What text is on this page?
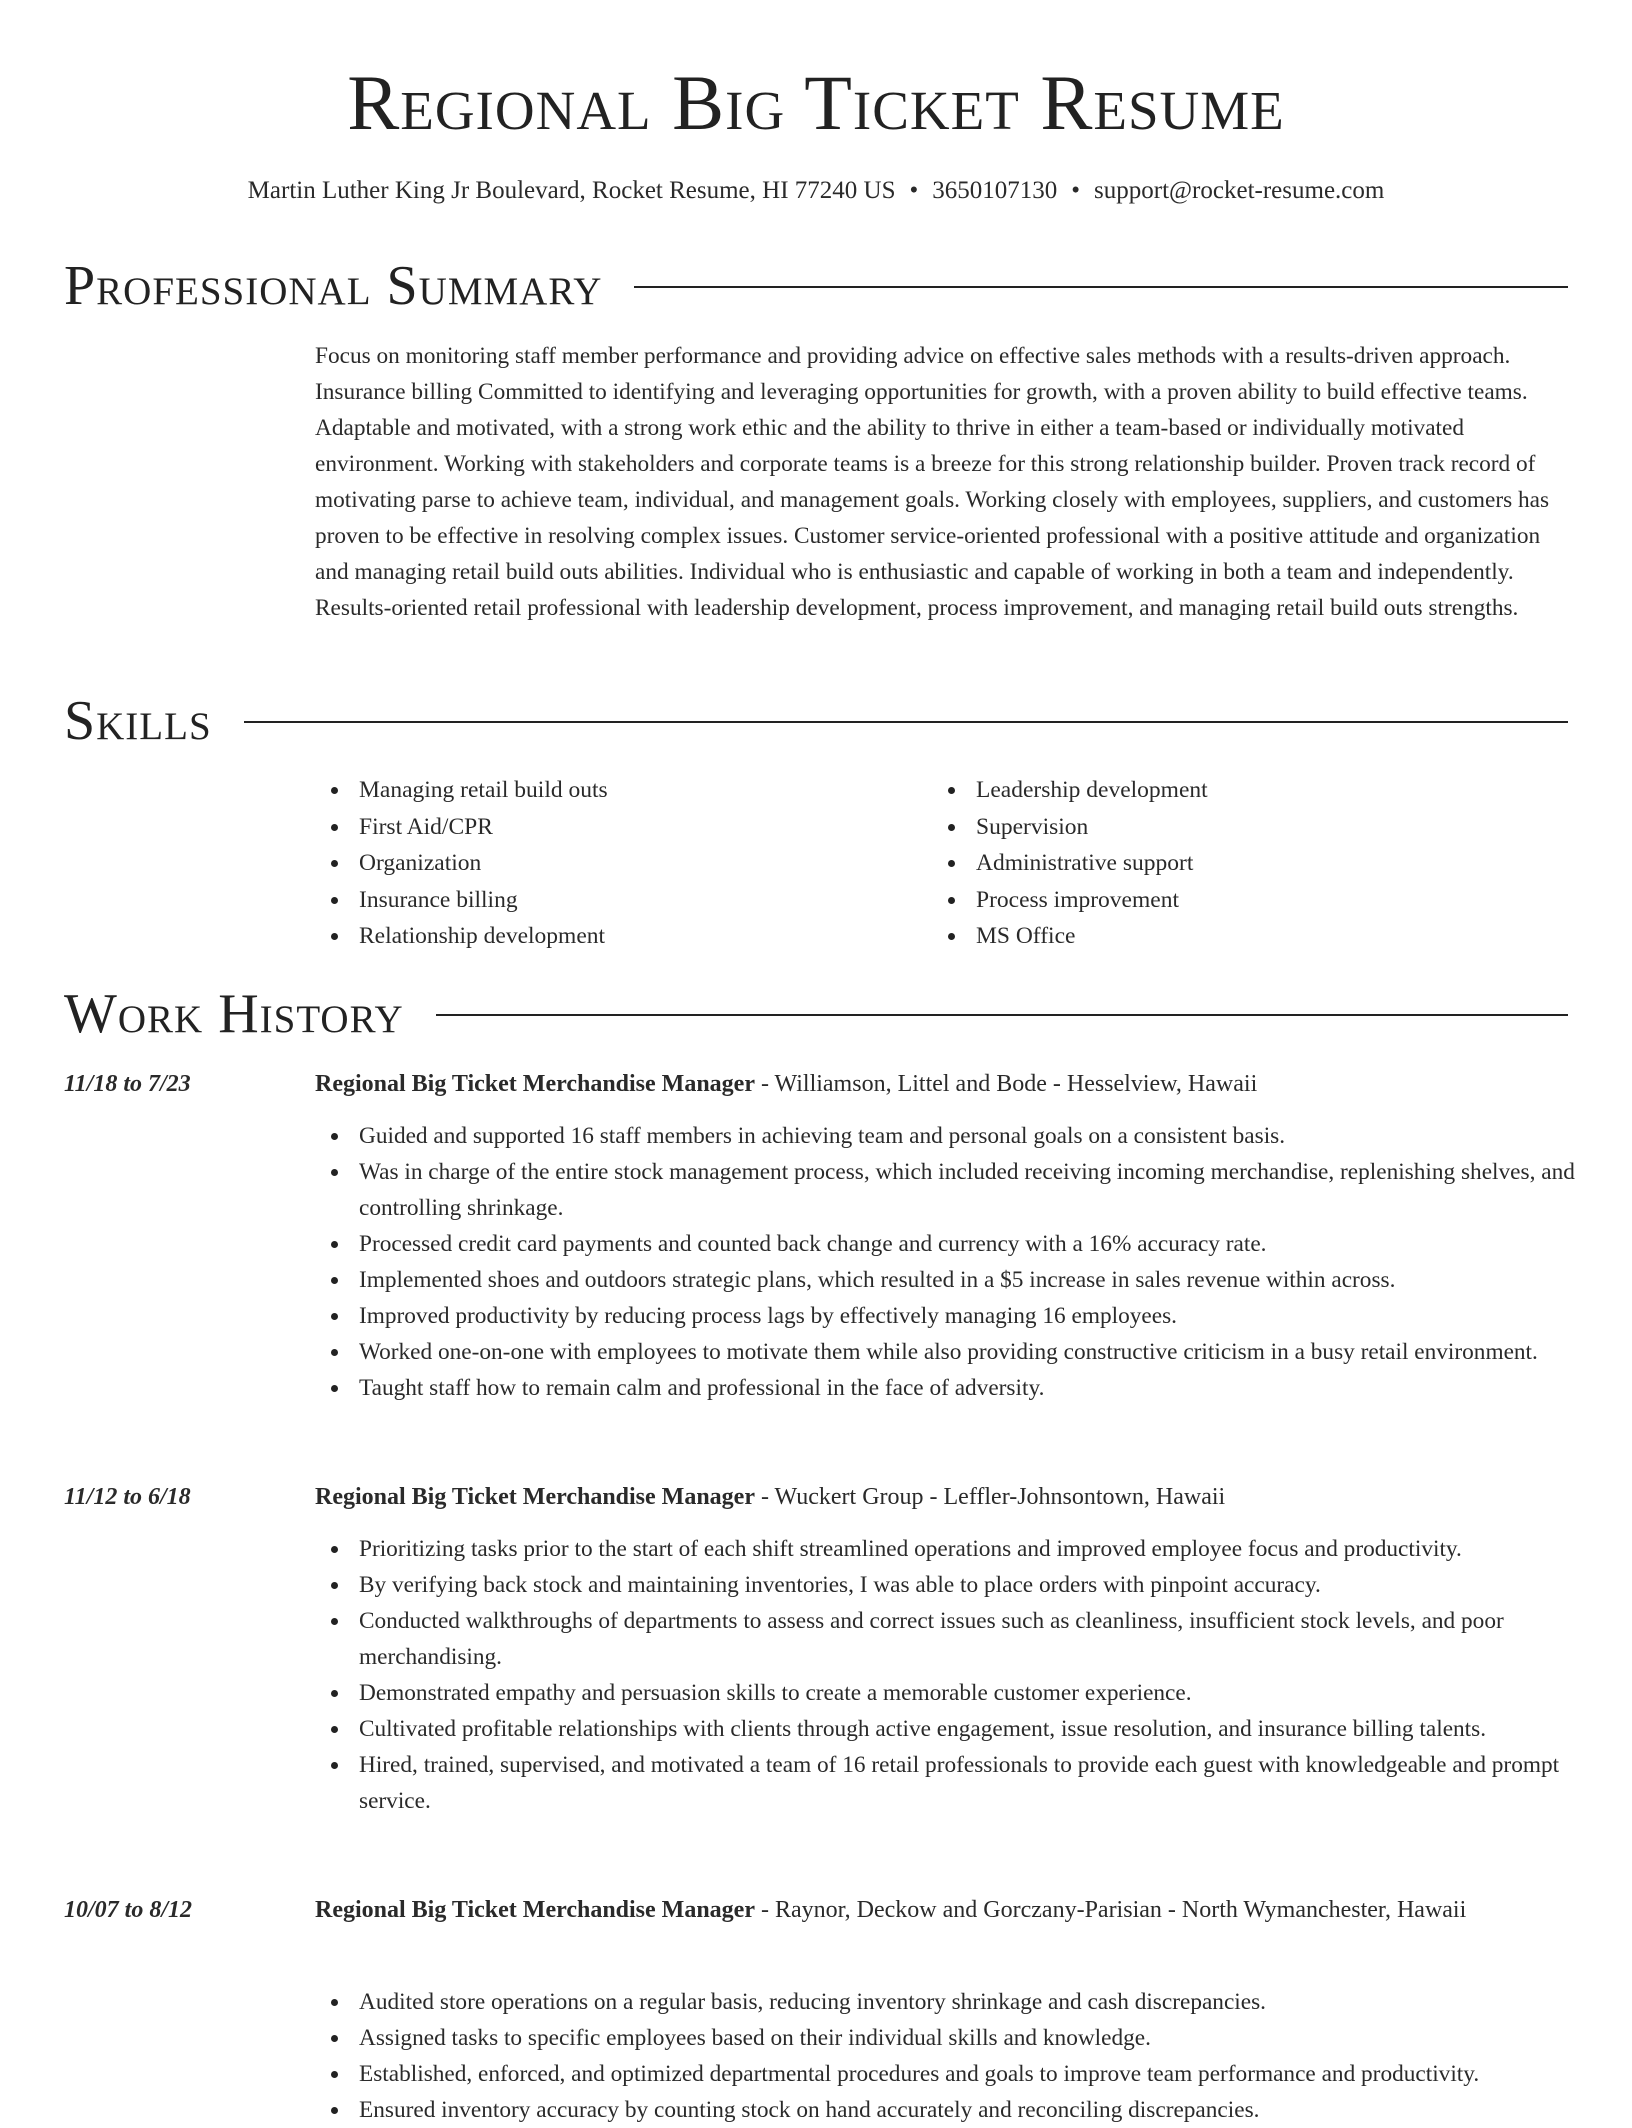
Regional Big Ticket Resume
Martin Luther King Jr Boulevard, Rocket Resume, HI 77240 US • 3650107130 • support@rocket-resume.com
Professional Summary
Focus on monitoring staff member performance and providing advice on effective sales methods with a results-driven approach. Insurance billing Committed to identifying and leveraging opportunities for growth, with a proven ability to build effective teams. Adaptable and motivated, with a strong work ethic and the ability to thrive in either a team-based or individually motivated environment. Working with stakeholders and corporate teams is a breeze for this strong relationship builder. Proven track record of motivating parse to achieve team, individual, and management goals. Working closely with employees, suppliers, and customers has proven to be effective in resolving complex issues. Customer service-oriented professional with a positive attitude and organization and managing retail build outs abilities. Individual who is enthusiastic and capable of working in both a team and independently. Results-oriented retail professional with leadership development, process improvement, and managing retail build outs strengths.
Skills
Managing retail build outs
First Aid/CPR
Organization
Insurance billing
Relationship development
Leadership development
Supervision
Administrative support
Process improvement
MS Office
Work History
11/18 to 7/23	Regional Big Ticket Merchandise Manager - Williamson, Littel and Bode - Hesselview, Hawaii
Guided and supported 16 staff members in achieving team and personal goals on a consistent basis.
Was in charge of the entire stock management process, which included receiving incoming merchandise, replenishing shelves, and controlling shrinkage.
Processed credit card payments and counted back change and currency with a 16% accuracy rate.
Implemented shoes and outdoors strategic plans, which resulted in a $5 increase in sales revenue within across.
Improved productivity by reducing process lags by effectively managing 16 employees.
Worked one-on-one with employees to motivate them while also providing constructive criticism in a busy retail environment.
Taught staff how to remain calm and professional in the face of adversity.
11/12 to 6/18	Regional Big Ticket Merchandise Manager - Wuckert Group - Leffler-Johnsontown, Hawaii
Prioritizing tasks prior to the start of each shift streamlined operations and improved employee focus and productivity.
By verifying back stock and maintaining inventories, I was able to place orders with pinpoint accuracy.
Conducted walkthroughs of departments to assess and correct issues such as cleanliness, insufficient stock levels, and poor merchandising.
Demonstrated empathy and persuasion skills to create a memorable customer experience.
Cultivated profitable relationships with clients through active engagement, issue resolution, and insurance billing talents.
Hired, trained, supervised, and motivated a team of 16 retail professionals to provide each guest with knowledgeable and prompt service.
10/07 to 8/12	Regional Big Ticket Merchandise Manager - Raynor, Deckow and Gorczany-Parisian - North Wymanchester, Hawaii
Audited store operations on a regular basis, reducing inventory shrinkage and cash discrepancies.
Assigned tasks to specific employees based on their individual skills and knowledge.
Established, enforced, and optimized departmental procedures and goals to improve team performance and productivity.
Ensured inventory accuracy by counting stock on hand accurately and reconciling discrepancies.
